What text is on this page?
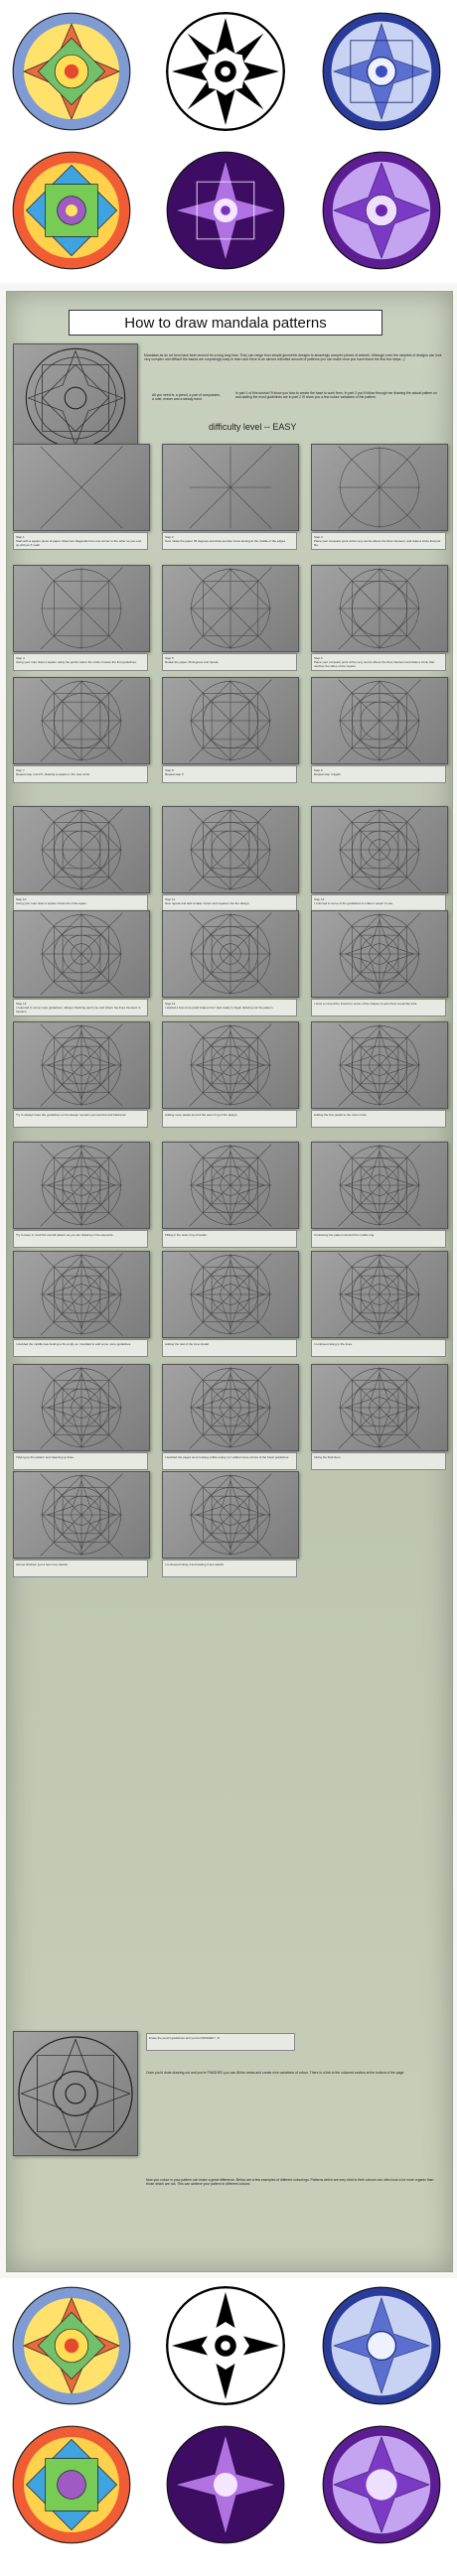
How to draw mandala patterns
Mandalas as an art form have been around for a long long time. They can range from simple geometric designs to amazingly complex pieces of artwork. Although even the simplest of designs can look very complex and difficult the basics are surprisingly easy to learn and there is an almost unlimited amount of patterns you can make once you have learnt the first few steps :-)
In part 1 of this tutorial I'll show you how to create the base to work from. In part 2 you'll follow through me drawing the actual pattern on and adding the most guidelines are in part 2 I'll show you a few colour variations of the pattern.
All you need is: a pencil, a pair of compasses, a ruler, eraser and a steady hand
difficulty level -- EASY
Step 1
Start with a square piece of paper. Draw two diagonals from one corner to the other so you end up with an X mark.
Step 2
Now rotate the paper 45 degrees and draw another cross aiming at the middle of the edges.
Step 3
Place your compass point at the very centre where the lines intersect, and draw a circle that just fits.
Step 4
Using your ruler draw a square using the points where the circle crosses the first guidelines.
Step 5
Rotate the paper 45 degrees and repeat.
Step 6
Place your compass point at the very centre where the lines intersect and draw a circle that touches the sides of the square.
Step 7
Repeat step 4 and 5, drawing a square in the new circle.
Step 8
Repeat step 6
Step 9
Repeat step 4 again
Step 10
Using your ruler draw a square inside the circle again.
Step 11
Now repeat and add smaller circles and squares into the design.
Step 12
I coloured in some of the guidelines to make it easier to see.
Step 13
I coloured in some more guidelines, always checking each one and where the lines intersect to function.
Step 14
I started a few more petal shapes but I was ready to begin drawing out the pattern.
I drew a curved line inward to some of the shapes to give them a leaf-like look.
Try to always trace the guidelines so the design remains symmetrical and balanced.	Adding more petals around the outer ring of the design.	Adding the first petals to the inner circle.
Try to keep in mind the overall pattern as you are drawing in the elements.	Filling in the outer ring of petals.	Continuing the pattern around the middle ring.
I decided the middle was looking a bit empty so I decided to add some more guidelines.	Adding the last of the inner detail.	I continued along in the lines.
Tidying up the pattern and cleaning up lines.	I decided the pages were looking a little empty so I added some circles of the basic guidelines.	Inking the final lines.
Almost finished, just a few more details.	I continued inking it and adding a few details.
Erase the pencil guidelines and you're FINISHED ! :D
Once you'd done drawing out and you're FINISHED you can fill the areas and create nice variations of colour. There is a link to the coloured section at the bottom of the page.
Now you colour in your pattern can make a great difference. Below are a few examples of different colourings. Patterns which are very vivid in their colours can often look a lot more organic than those which are not. This can achieve your pattern in different colours.
